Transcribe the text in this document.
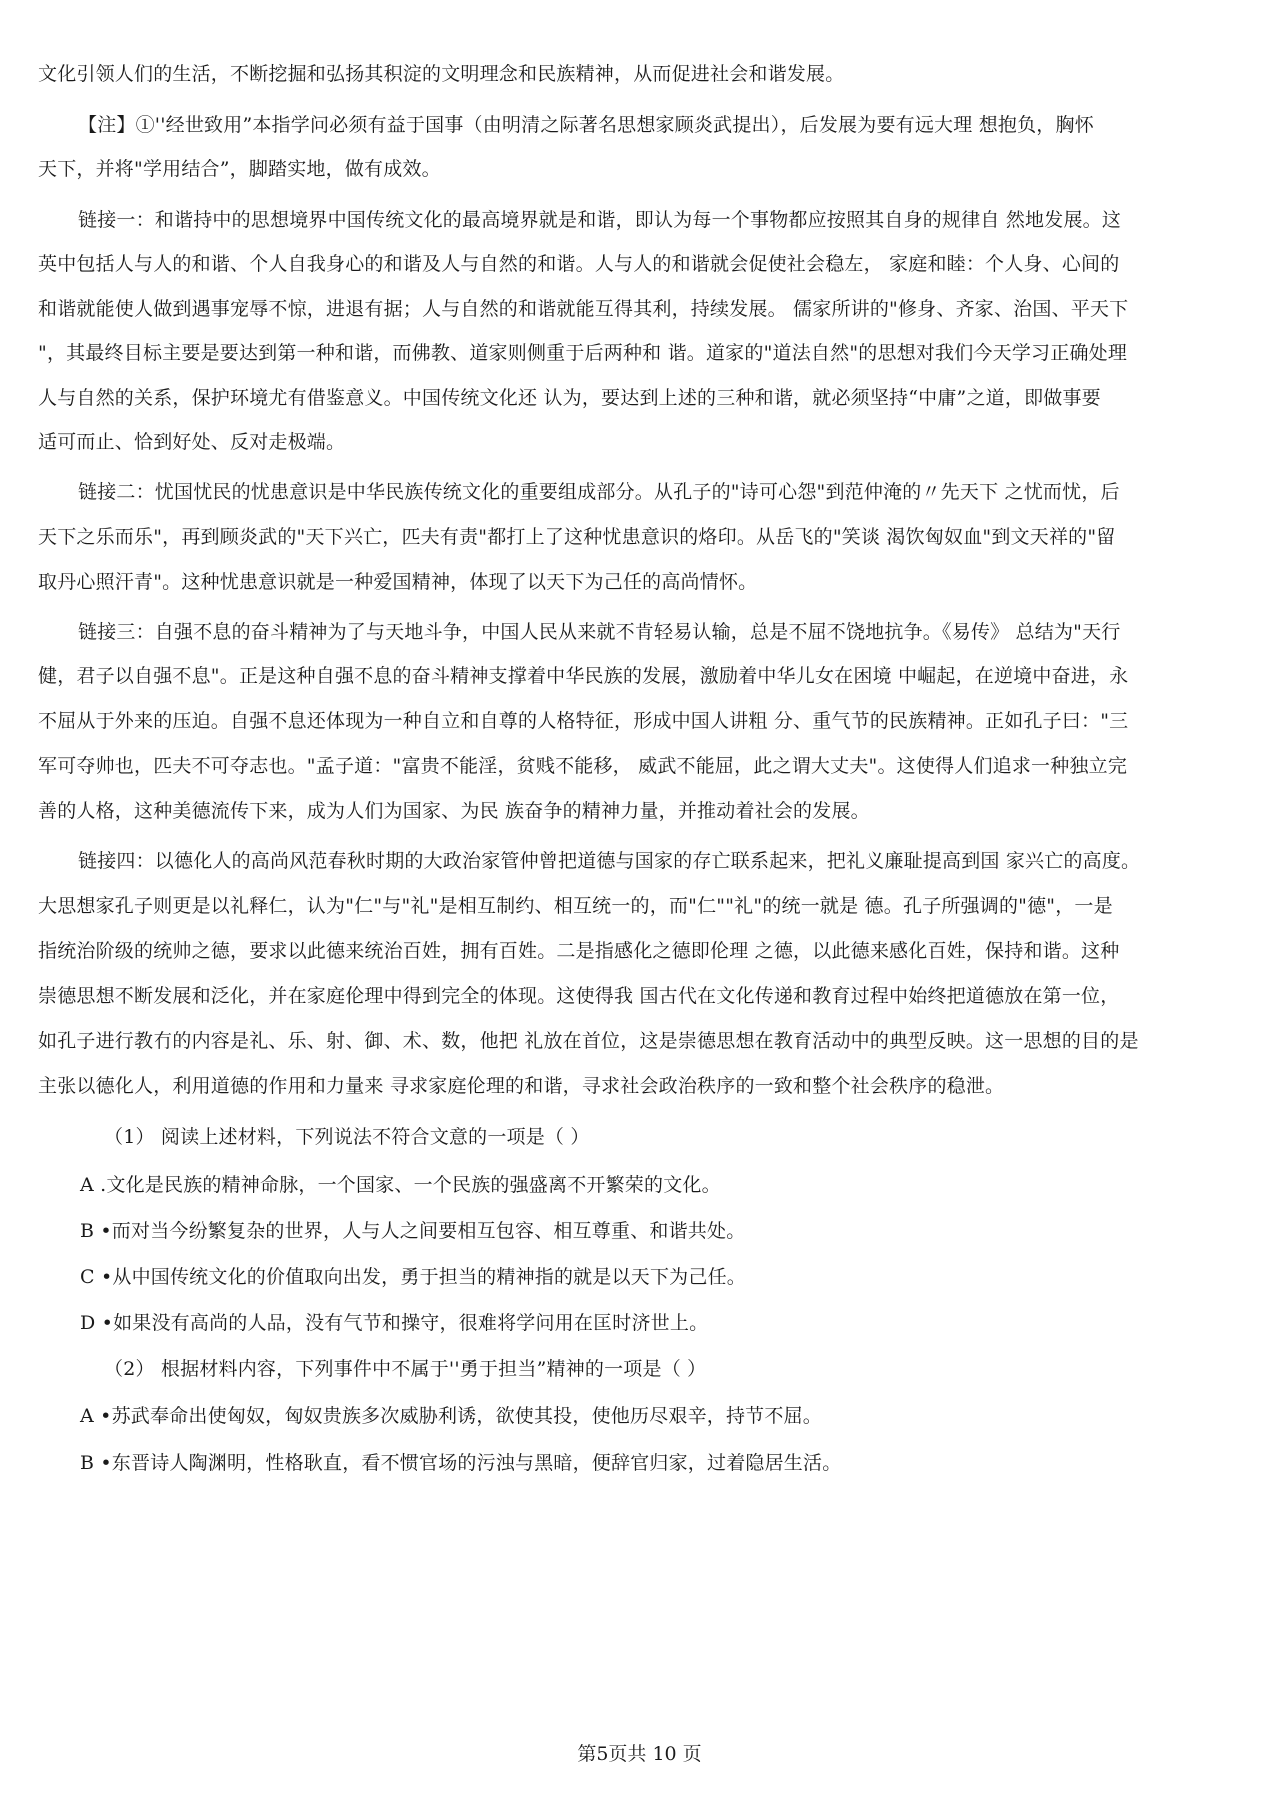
文化引领人们的生活，不断挖掘和弘扬其积淀的文明理念和民族精神，从而促进社会和谐发展。
【注】①''经世致用”本指学问必须有益于国事（由明清之际著名思想家顾炎武提出），后发展为要有远大理 想抱负，胸怀
天下，并将"学用结合”，脚踏实地，做有成效。
链接一：和谐持中的思想境界中国传统文化的最高境界就是和谐，即认为每一个事物都应按照其自身的规律自 然地发展。这
英中包括人与人的和谐、个人自我身心的和谐及人与自然的和谐。人与人的和谐就会促使社会稳左， 家庭和睦：个人身、心间的
和谐就能使人做到遇事宠辱不惊，进退有据；人与自然的和谐就能互得其利，持续发展。 儒家所讲的"修身、齐家、治国、平天下
"，其最终目标主要是要达到第一种和谐，而佛教、道家则侧重于后两种和 谐。道家的"道法自然"的思想对我们今天学习正确处理
人与自然的关系，保护环境尤有借鉴意义。中国传统文化还 认为，要达到上述的三种和谐，就必须坚持“中庸”之道，即做事要
适可而止、恰到好处、反对走极端。
链接二：忧国忧民的忧患意识是中华民族传统文化的重要组成部分。从孔子的"诗可心怨"到范仲淹的〃先天下 之忧而忧，后
天下之乐而乐"，再到顾炎武的"天下兴亡，匹夫有责"都打上了这种忧患意识的烙印。从岳飞的"笑谈 渴饮匈奴血"到文天祥的"留
取丹心照汗青"。这种忧患意识就是一种爱国精神，体现了以天下为己任的高尚情怀。
链接三：自强不息的奋斗精神为了与天地斗争，中国人民从来就不肯轻易认输，总是不屈不饶地抗争。《易传》 总结为"天行
健，君子以自强不息"。正是这种自强不息的奋斗精神支撑着中华民族的发展，激励着中华儿女在困境 中崛起，在逆境中奋进，永
不屈从于外来的压迫。自强不息还体现为一种自立和自尊的人格特征，形成中国人讲粗 分、重气节的民族精神。正如孔子曰："三
军可夺帅也，匹夫不可夺志也。"孟子道："富贵不能淫，贫贱不能移， 威武不能屈，此之谓大丈夫"。这使得人们追求一种独立完
善的人格，这种美德流传下来，成为人们为国家、为民 族奋争的精神力量，并推动着社会的发展。
链接四：以德化人的高尚风范春秋时期的大政治家管仲曾把道德与国家的存亡联系起来，把礼义廉耻提高到国 家兴亡的高度。
大思想家孔子则更是以礼释仁，认为"仁"与"礼"是相互制约、相互统一的，而"仁""礼"的统一就是 德。孔子所强调的"德"，一是
指统治阶级的统帅之德，要求以此德来统治百姓，拥有百姓。二是指感化之德即伦理 之德，以此德来感化百姓，保持和谐。这种
崇德思想不断发展和泛化，并在家庭伦理中得到完全的体现。这使得我 国古代在文化传递和教育过程中始终把道德放在第一位，
如孔子进行教冇的内容是礼、乐、射、御、术、数，他把 礼放在首位，这是崇德思想在教育活动中的典型反映。这一思想的目的是
主张以德化人，利用道德的作用和力量来 寻求家庭伦理的和谐，寻求社会政治秩序的一致和整个社会秩序的稳泄。
（1） 阅读上述材料，下列说法不符合文意的一项是（ ）
A .文化是民族的精神命脉，一个国家、一个民族的强盛离不开繁荣的文化。
B •而对当今纷繁复杂的世界，人与人之间要相互包容、相互尊重、和谐共处。
C •从中国传统文化的价值取向出发，勇于担当的精神指的就是以天下为己任。
D •如果没有高尚的人品，没有气节和操守，很难将学问用在匡时济世上。
（2） 根据材料内容，下列事件中不属于''勇于担当”精神的一项是（ ）
A •苏武奉命出使匈奴，匈奴贵族多次威胁利诱，欲使其投，使他历尽艰辛，持节不屈。
B •东晋诗人陶渊明，性格耿直，看不惯官场的污浊与黑暗，便辞官归家，过着隐居生活。
第5页共 10 页
